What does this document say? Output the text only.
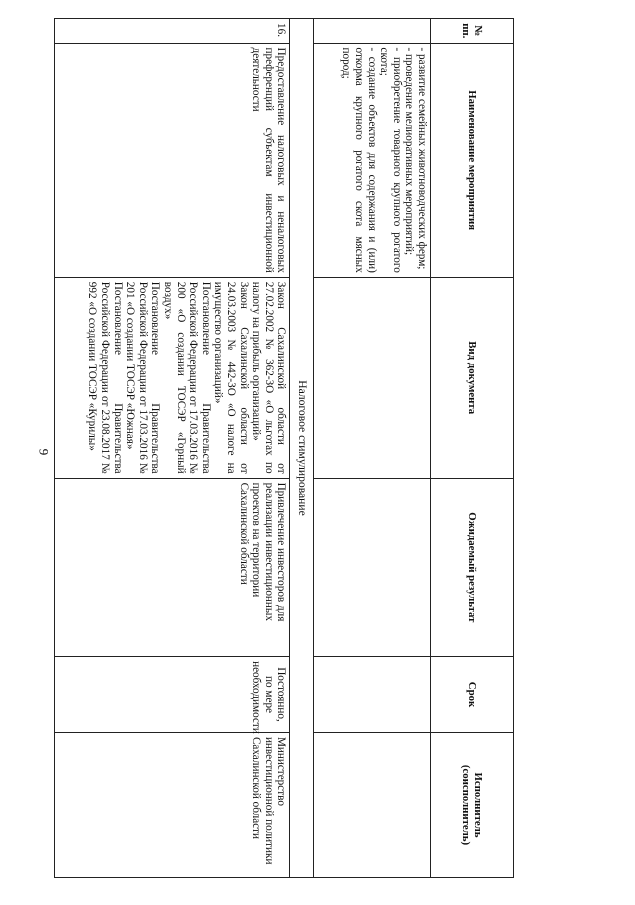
9
№ пп.	Наименование мероприятия	Вид документа	Ожидаемый результат	Срок	Исполнитель (соисполнитель)

	- развитие семейных животноводческих ферм;
- проведение мелиоративных мероприятий;
- приобретение товарного крупного рогатого скота;
- создание объектов для содержания и (или) откорма крупного рогатого скота мясных пород;				

Налоговое стимулирование					
16.	Предоставление налоговых и неналоговых преференций субъектам инвестиционной деятельности	Закон Сахалинской области от 27.02.2002 № 362-ЗО «О льготах по налогу на прибыль организаций»
Закон Сахалинской области от 24.03.2003 № 442-ЗО «О налоге на имущество организаций»
Постановление Правительства Российской Федерации от 17.03.2016 № 200 «О создании ТОСЭР «Горный воздух»
Постановление Правительства Российской Федерации от 17.03.2016 № 201 «О создании ТОСЭР «Южная»
Постановление Правительства Российской Федерации от 23.08.2017 № 992 «О создании ТОСЭР «Курилы»	Привлечение инвесторов для реализации инвестиционных проектов на территории Сахалинской области	Постоянно, по мере необходимости	Министерство инвестиционной политики Сахалинской области
